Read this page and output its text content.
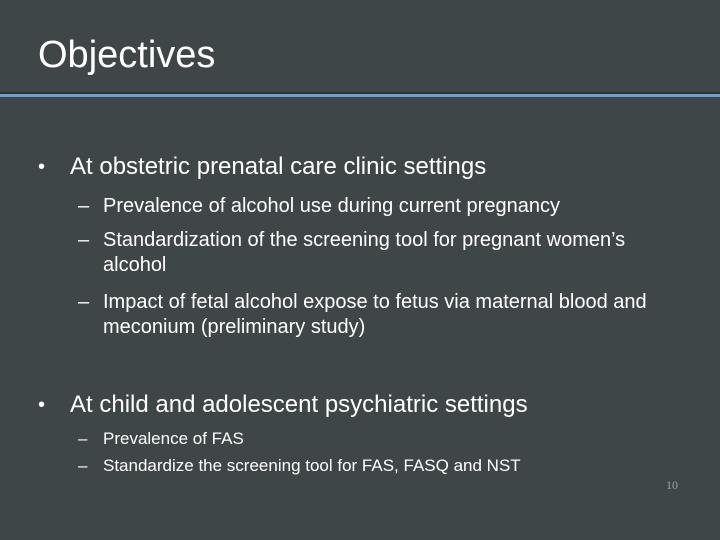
Objectives
• At obstetric prenatal care clinic settings
– Prevalence of alcohol use during current pregnancy
– Standardization of the screening tool for pregnant women’s alcohol
– Impact of fetal alcohol expose to fetus via maternal blood and meconium (preliminary study)
• At child and adolescent psychiatric settings
– Prevalence of FAS
– Standardize the screening tool for FAS, FASQ and NST
10
